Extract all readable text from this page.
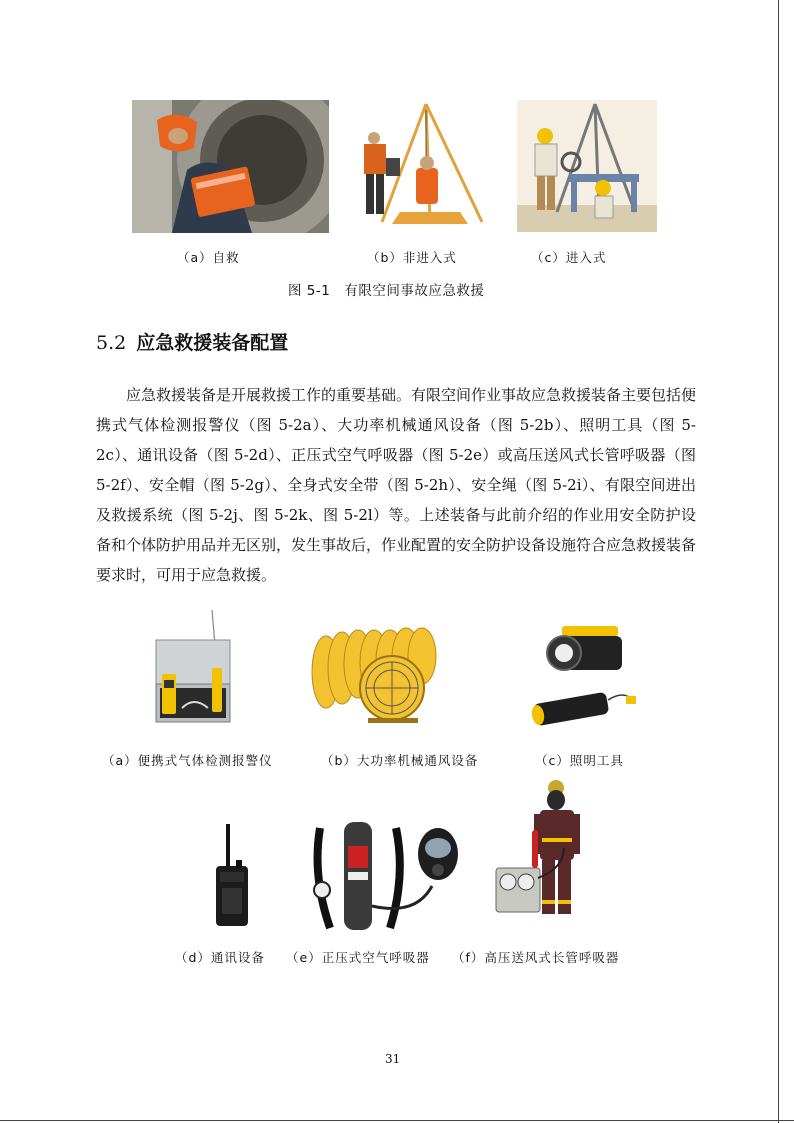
（a）自救	（b）非进入式	（c）进入式
图 5-1　有限空间事故应急救援
5.2 应急救援装备配置
应急救援装备是开展救援工作的重要基础。有限空间作业事故应急救援装备主要包括便携式气体检测报警仪（图 5-2a）、大功率机械通风设备（图 5-2b）、照明工具（图 5-2c）、通讯设备（图 5-2d）、正压式空气呼吸器（图 5-2e）或高压送风式长管呼吸器（图 5-2f）、安全帽（图 5-2g）、全身式安全带（图 5-2h）、安全绳（图 5-2i）、有限空间进出及救援系统（图 5-2j、图 5-2k、图 5-2l）等。上述装备与此前介绍的作业用安全防护设备和个体防护用品并无区别，发生事故后，作业配置的安全防护设备设施符合应急救援装备要求时，可用于应急救援。
（a）便携式气体检测报警仪	（b）大功率机械通风设备	（c）照明工具
（d）通讯设备 （e）正压式空气呼吸器 （f）高压送风式长管呼吸器
31
